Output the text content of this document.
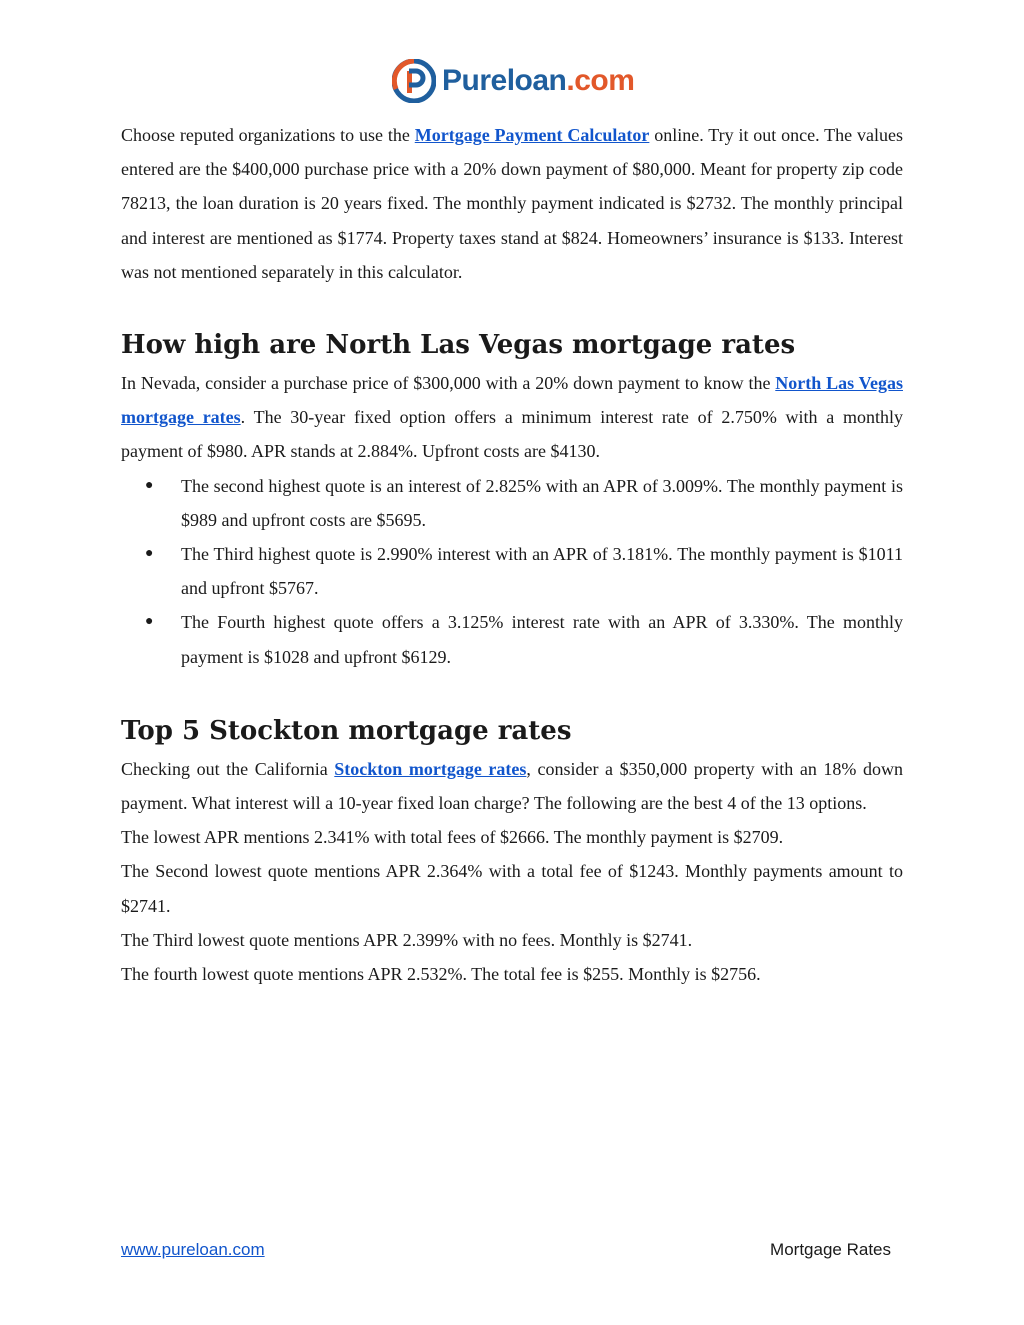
Pureloan.com

Choose reputed organizations to use the Mortgage Payment Calculator online. Try it out once. The values entered are the $400,000 purchase price with a 20% down payment of $80,000. Meant for property zip code 78213, the loan duration is 20 years fixed. The monthly payment indicated is $2732. The monthly principal and interest are mentioned as $1774. Property taxes stand at $824. Homeowners’ insurance is $133. Interest was not mentioned separately in this calculator.

How high are North Las Vegas mortgage rates

In Nevada, consider a purchase price of $300,000 with a 20% down payment to know the North Las Vegas mortgage rates. The 30-year fixed option offers a minimum interest rate of 2.750% with a monthly payment of $980. APR stands at 2.884%. Upfront costs are $4130.

● The second highest quote is an interest of 2.825% with an APR of 3.009%. The monthly payment is $989 and upfront costs are $5695.
● The Third highest quote is 2.990% interest with an APR of 3.181%. The monthly payment is $1011 and upfront $5767.
● The Fourth highest quote offers a 3.125% interest rate with an APR of 3.330%. The monthly payment is $1028 and upfront $6129.
Top 5 Stockton mortgage rates

Checking out the California Stockton mortgage rates, consider a $350,000 property with an 18% down payment. What interest will a 10-year fixed loan charge? The following are the best 4 of the 13 options.

The lowest APR mentions 2.341% with total fees of $2666. The monthly payment is $2709.

The Second lowest quote mentions APR 2.364% with a total fee of $1243. Monthly payments amount to $2741.

The Third lowest quote mentions APR 2.399% with no fees. Monthly is $2741.

The fourth lowest quote mentions APR 2.532%. The total fee is $255. Monthly is $2756.

www.pureloan.com	Mortgage Rates
